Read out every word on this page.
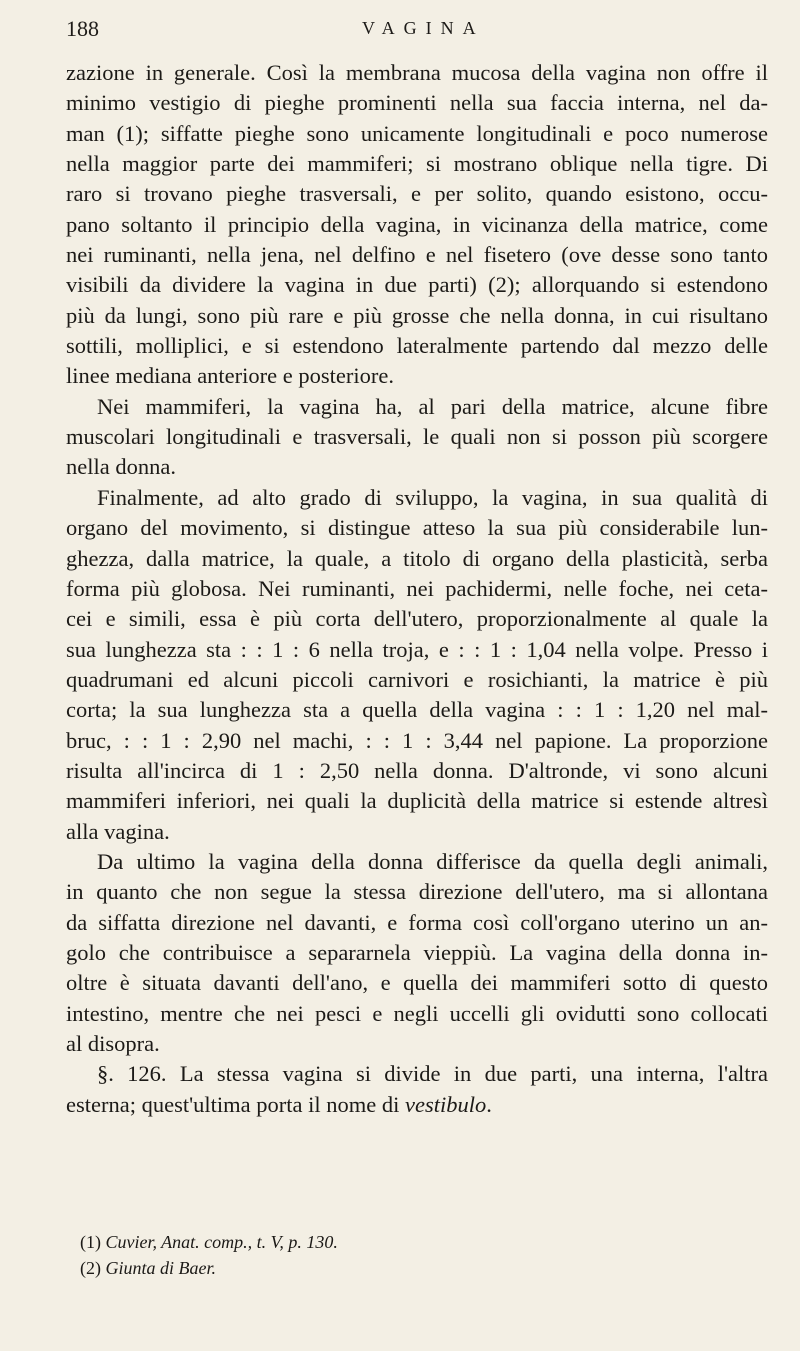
188	VAGINA
zazione in generale. Così la membrana mucosa della vagina non offre il
minimo vestigio di pieghe prominenti nella sua faccia interna, nel da-
man (1); siffatte pieghe sono unicamente longitudinali e poco numerose
nella maggior parte dei mammiferi; si mostrano oblique nella tigre. Di
raro si trovano pieghe trasversali, e per solito, quando esistono, occu-
pano soltanto il principio della vagina, in vicinanza della matrice, come
nei ruminanti, nella jena, nel delfino e nel fisetero (ove desse sono tanto
visibili da dividere la vagina in due parti) (2); allorquando si estendono
più da lungi, sono più rare e più grosse che nella donna, in cui risultano
sottili, molliplici, e si estendono lateralmente partendo dal mezzo delle
linee mediana anteriore e posteriore.
Nei mammiferi, la vagina ha, al pari della matrice, alcune fibre
muscolari longitudinali e trasversali, le quali non si posson più scorgere
nella donna.
Finalmente, ad alto grado di sviluppo, la vagina, in sua qualità di
organo del movimento, si distingue atteso la sua più considerabile lun-
ghezza, dalla matrice, la quale, a titolo di organo della plasticità, serba
forma più globosa. Nei ruminanti, nei pachidermi, nelle foche, nei ceta-
cei e simili, essa è più corta dell'utero, proporzionalmente al quale la
sua lunghezza sta : : 1 : 6 nella troja, e : : 1 : 1,04 nella volpe. Presso i
quadrumani ed alcuni piccoli carnivori e rosichianti, la matrice è più
corta; la sua lunghezza sta a quella della vagina : : 1 : 1,20 nel mal-
bruc, : : 1 : 2,90 nel machi, : : 1 : 3,44 nel papione. La proporzione
risulta all'incirca di 1 : 2,50 nella donna. D'altronde, vi sono alcuni
mammiferi inferiori, nei quali la duplicità della matrice si estende altresì
alla vagina.
Da ultimo la vagina della donna differisce da quella degli animali,
in quanto che non segue la stessa direzione dell'utero, ma si allontana
da siffatta direzione nel davanti, e forma così coll'organo uterino un an-
golo che contribuisce a separarnela vieppiù. La vagina della donna in-
oltre è situata davanti dell'ano, e quella dei mammiferi sotto di questo
intestino, mentre che nei pesci e negli uccelli gli ovidutti sono collocati
al disopra.
§. 126. La stessa vagina si divide in due parti, una interna, l'altra
esterna; quest'ultima porta il nome di vestibulo.
(1) Cuvier, Anat. comp., t. V, p. 130.
(2) Giunta di Baer.
